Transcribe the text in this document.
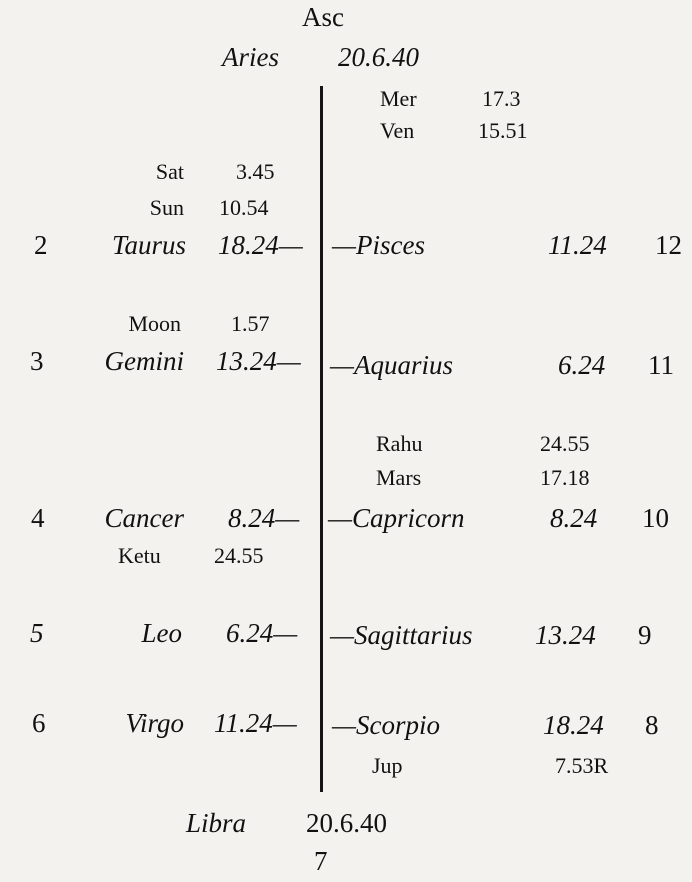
Asc
Aries 20.6.40
Mer	17.3
Ven	15.51
Sat 3.45
Sun 10.54
2 Taurus 18.24— —Pisces	11.24 12
Moon 1.57
3 Gemini 13.24— —Aquarius	6.24 11
Rahu	24.55
Mars	17.18
4 Cancer 8.24— —Capricorn	8.24 10
Ketu 24.55
5	Leo 6.24— —Sagittarius 13.24 9
6	Virgo 11.24— —Scorpio	18.24 8
Jup	7.53R
Libra 20.6.40
7
